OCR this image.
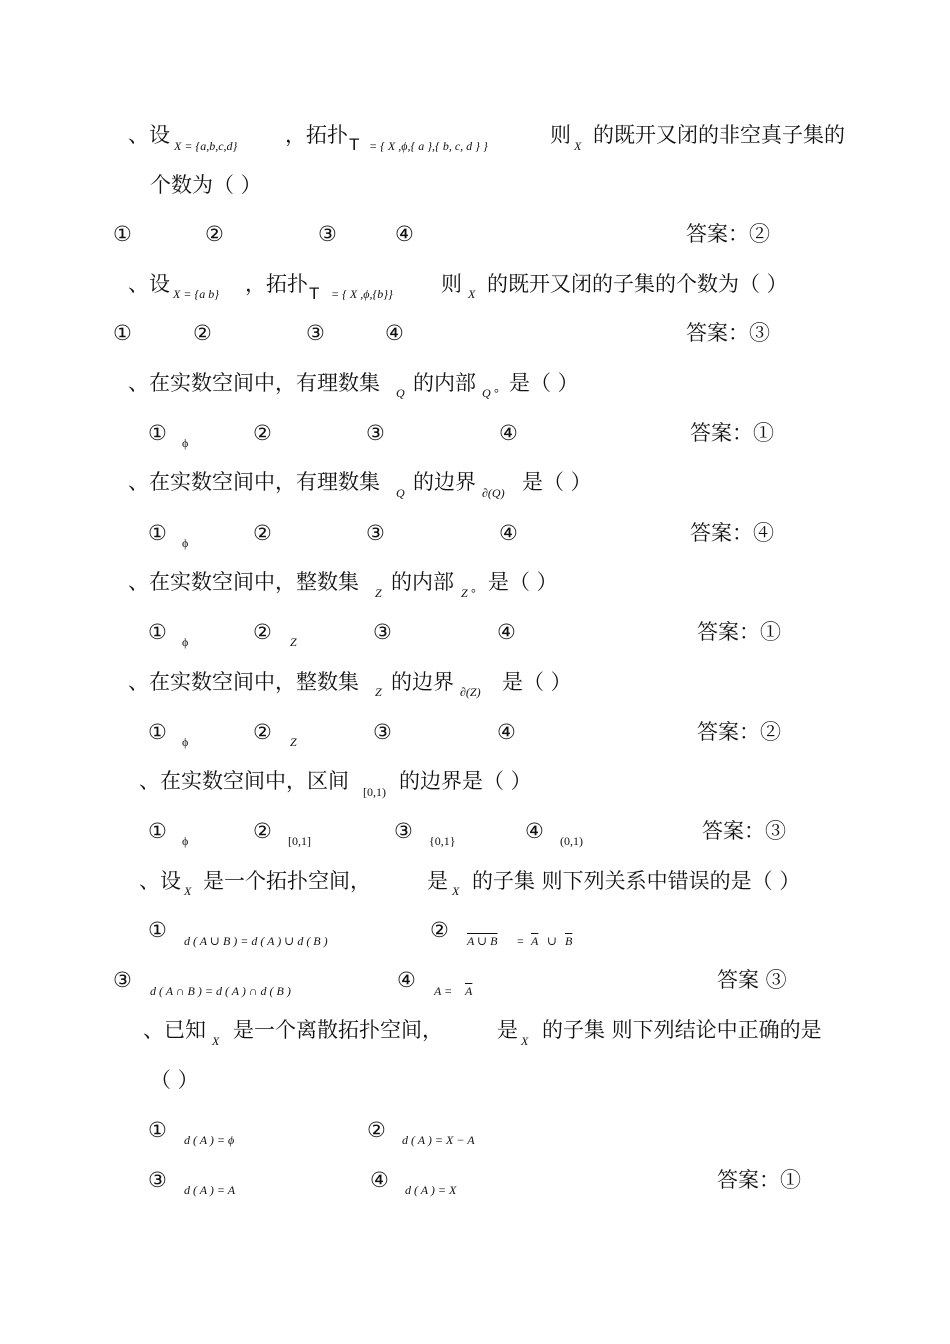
、设 X = {a,b,c,d} ，拓扑 T = { X ,ϕ,{ a },{ b, c, d } }	则 X 的既开又闭的非空真子集的
个数为（ ）
①	②	③	④	答案：②
、设 X = {a b} ，拓扑 T = { X ,ϕ,{b}} 则 X 的既开又闭的子集的个数为（ ）
①	②	③	④	答案：③
、在实数空间中，有理数集 Q 的内部 Q ° 是（ ）
① ϕ	②	③	④	答案：①
、在实数空间中，有理数集 Q 的边界 ∂(Q) 是（ ）
① ϕ	②	③	④	答案：④
、在实数空间中，整数集 Z 的内部 Z ° 是（ ）
① ϕ	② Z	③	④	答案：①
、在实数空间中，整数集 Z 的边界 ∂(Z) 是（ ）
① ϕ	② Z	③	④	答案：②
、在实数空间中，区间 [0,1) 的边界是（ ）
① ϕ	② [0,1]	③ {0,1}	④ (0,1)	答案：③
、设 X 是一个拓扑空间，	是 X 的子集 则下列关系中错误的是（ ）
① d ( A ∪ B ) = d ( A ) ∪ d ( B )	② A ∪ $B = \overline{A}$ ∪ $\overline{B}$
③ d ( A ∩ B ) = d ( A ) ∩ d ( B )	④ $A = \overline{A}$	答案 ③
、已知 X 是一个离散拓扑空间，	是 X 的子集 则下列结论中正确的是
（ ）
① d ( A ) = ϕ	② d ( A ) = X − A
③ d ( A ) = A	④ d ( A ) = X	答案：①
